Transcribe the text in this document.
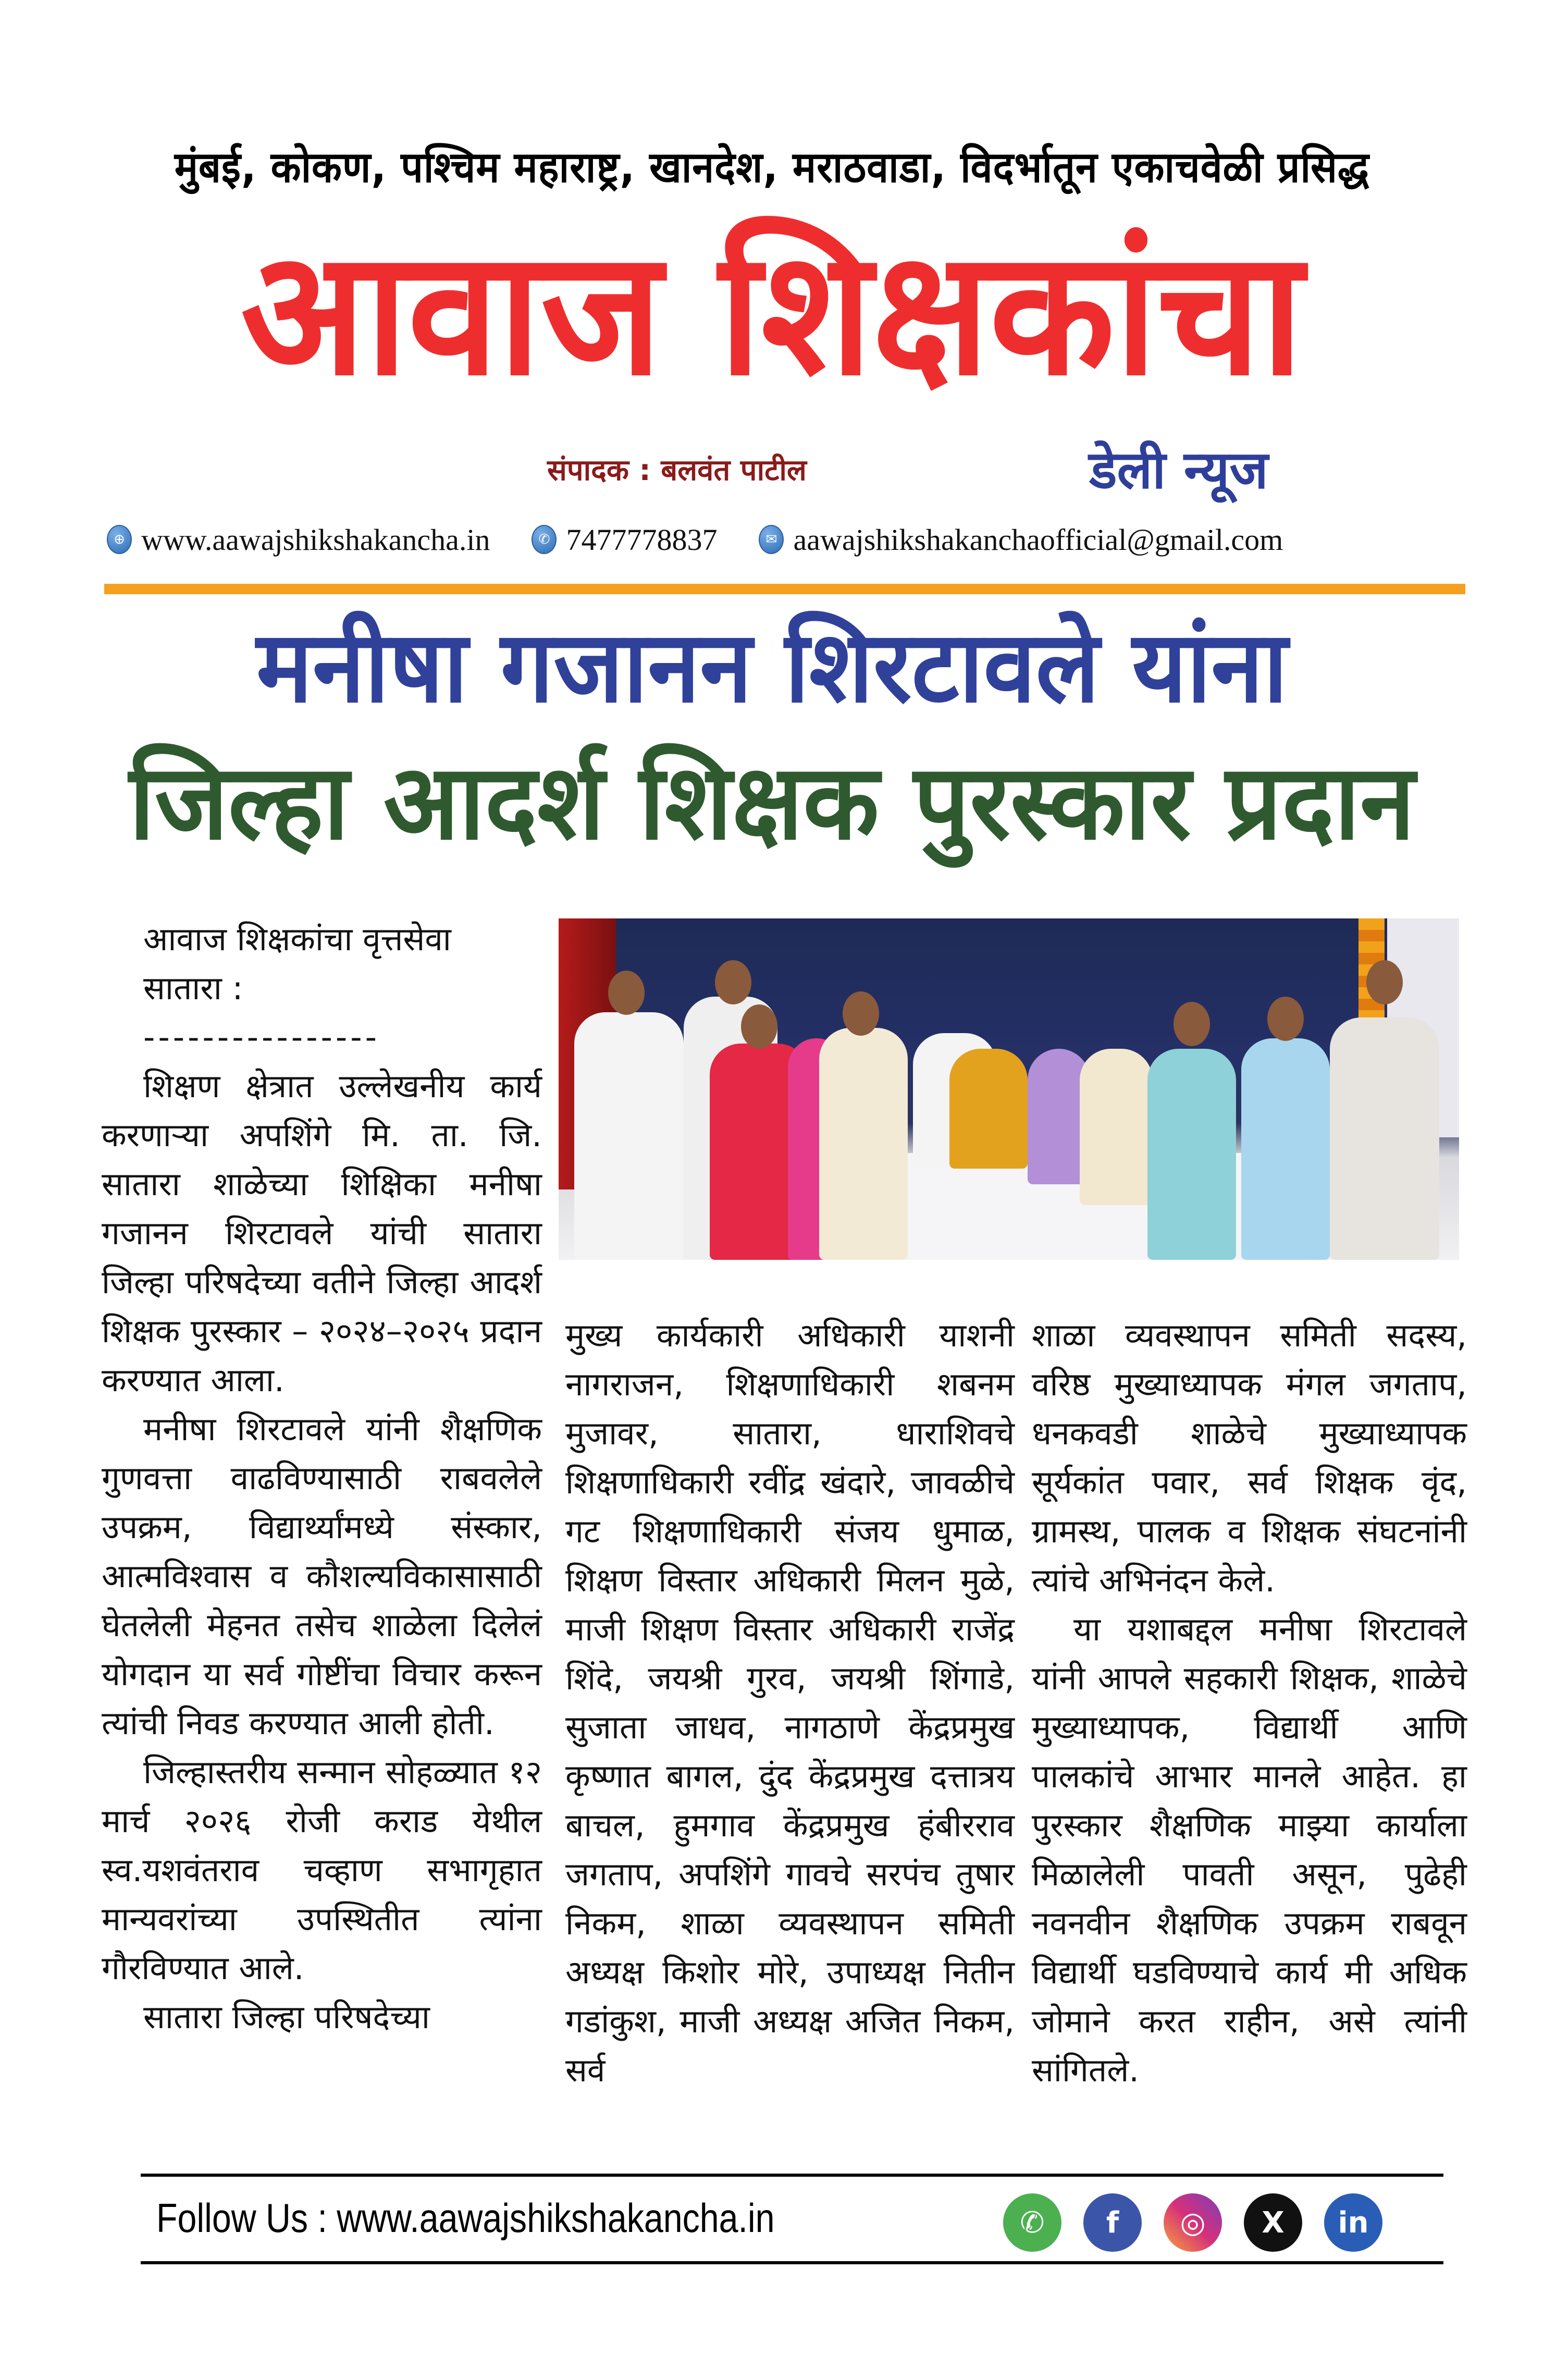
मुंबई, कोकण, पश्चिम महाराष्ट्र, खानदेश, मराठवाडा, विदर्भातून एकाचवेळी प्रसिद्ध
आवाज शिक्षकांचा
संपादक : बलवंत पाटील	डेली न्यूज
⊕ www.aawajshikshakancha.in	✆ 7477778837	✉ aawajshikshakanchaofficial@gmail.com
मनीषा गजानन शिरटावले यांना
जिल्हा आदर्श शिक्षक पुरस्कार प्रदान

आवाज शिक्षकांचा वृत्तसेवा

सातारा :

----------------

शिक्षण क्षेत्रात उल्लेखनीय कार्य करणाऱ्या अपशिंगे मि. ता. जि. सातारा शाळेच्या शिक्षिका मनीषा गजानन शिरटावले यांची सातारा जिल्हा परिषदेच्या वतीने जिल्हा आदर्श शिक्षक पुरस्कार – २०२४–२०२५ प्रदान करण्यात आला.

मनीषा शिरटावले यांनी शैक्षणिक गुणवत्ता वाढविण्यासाठी राबवलेले उपक्रम, विद्यार्थ्यांमध्ये संस्कार, आत्मविश्वास व कौशल्यविकासासाठी घेतलेली मेहनत तसेच शाळेला दिलेलं योगदान या सर्व गोष्टींचा विचार करून त्यांची निवड करण्यात आली होती.

जिल्हास्तरीय सन्मान सोहळ्यात १२ मार्च २०२६ रोजी कराड येथील स्व.यशवंतराव चव्हाण सभागृहात मान्यवरांच्या उपस्थितीत त्यांना गौरविण्यात आले.

सातारा जिल्हा परिषदेच्या

मुख्य कार्यकारी अधिकारी याशनी नागराजन, शिक्षणाधिकारी शबनम मुजावर, सातारा, धाराशिवचे शिक्षणाधिकारी रवींद्र खंदारे, जावळीचे गट शिक्षणाधिकारी संजय धुमाळ, शिक्षण विस्तार अधिकारी मिलन मुळे, माजी शिक्षण विस्तार अधिकारी राजेंद्र शिंदे, जयश्री गुरव, जयश्री शिंगाडे, सुजाता जाधव, नागठाणे केंद्रप्रमुख कृष्णात बागल, दुंद केंद्रप्रमुख दत्तात्रय बाचल, हुमगाव केंद्रप्रमुख हंबीरराव जगताप, अपशिंगे गावचे सरपंच तुषार निकम, शाळा व्यवस्थापन समिती अध्यक्ष किशोर मोरे, उपाध्यक्ष नितीन गडांकुश, माजी अध्यक्ष अजित निकम, सर्व

शाळा व्यवस्थापन समिती सदस्य, वरिष्ठ मुख्याध्यापक मंगल जगताप, धनकवडी शाळेचे मुख्याध्यापक सूर्यकांत पवार, सर्व शिक्षक वृंद, ग्रामस्थ, पालक व शिक्षक संघटनांनी त्यांचे अभिनंदन केले.

या यशाबद्दल मनीषा शिरटावले यांनी आपले सहकारी शिक्षक, शाळेचे मुख्याध्यापक, विद्यार्थी आणि पालकांचे आभार मानले आहेत. हा पुरस्कार शैक्षणिक माझ्या कार्याला मिळालेली पावती असून, पुढेही नवनवीन शैक्षणिक उपक्रम राबवून विद्यार्थी घडविण्याचे कार्य मी अधिक जोमाने करत राहीन, असे त्यांनी सांगितले.

Follow Us : www.aawajshikshakancha.in	✆	f	◎	X	in
